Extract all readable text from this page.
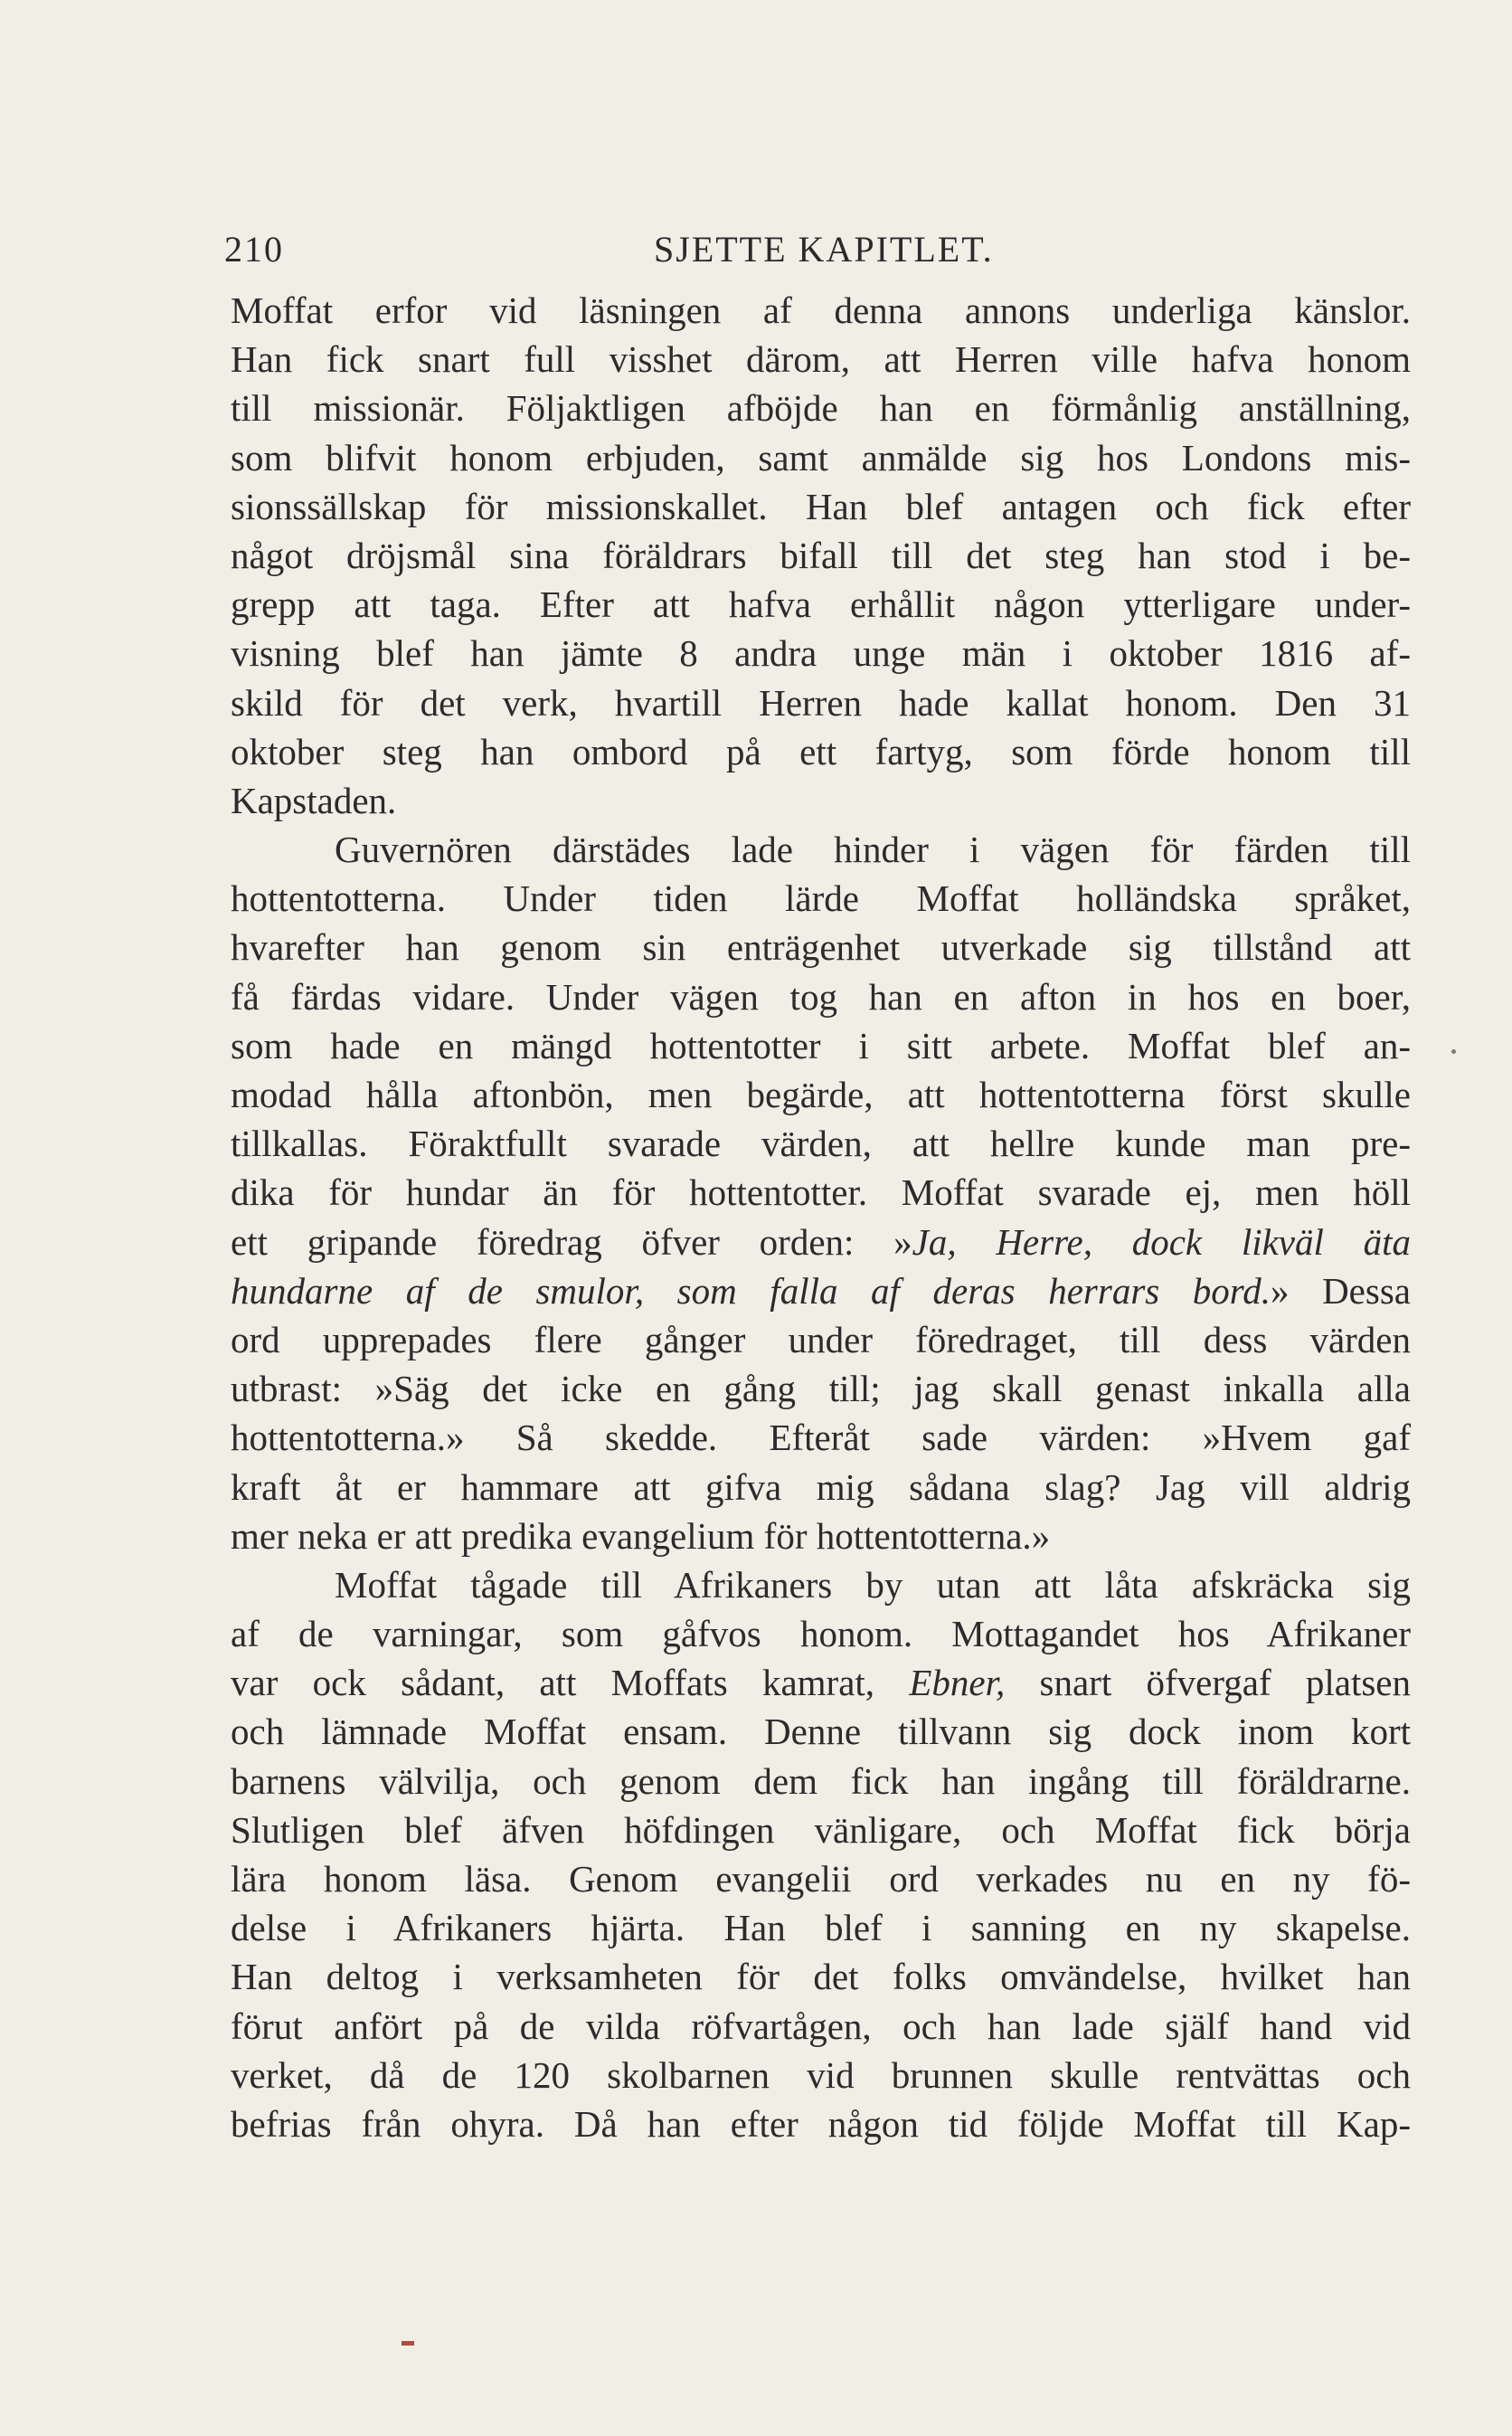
210	SJETTE KAPITLET.
Moffat erfor vid läsningen af denna annons underliga känslor.
Han fick snart full visshet därom, att Herren ville hafva honom
till missionär. Följaktligen afböjde han en förmånlig anställning,
som blifvit honom erbjuden, samt anmälde sig hos Londons mis-
sionssällskap för missionskallet. Han blef antagen och fick efter
något dröjsmål sina föräldrars bifall till det steg han stod i be-
grepp att taga. Efter att hafva erhållit någon ytterligare under-
visning blef han jämte 8 andra unge män i oktober 1816 af-
skild för det verk, hvartill Herren hade kallat honom. Den 31
oktober steg han ombord på ett fartyg, som förde honom till
Kapstaden.
Guvernören därstädes lade hinder i vägen för färden till
hottentotterna. Under tiden lärde Moffat holländska språket,
hvarefter han genom sin enträgenhet utverkade sig tillstånd att
få färdas vidare. Under vägen tog han en afton in hos en boer,
som hade en mängd hottentotter i sitt arbete. Moffat blef an-
modad hålla aftonbön, men begärde, att hottentotterna först skulle
tillkallas. Föraktfullt svarade värden, att hellre kunde man pre-
dika för hundar än för hottentotter. Moffat svarade ej, men höll
ett gripande föredrag öfver orden: »Ja, Herre, dock likväl äta
hundarne af de smulor, som falla af deras herrars bord.» Dessa
ord upprepades flere gånger under föredraget, till dess värden
utbrast: »Säg det icke en gång till; jag skall genast inkalla alla
hottentotterna.» Så skedde. Efteråt sade värden: »Hvem gaf
kraft åt er hammare att gifva mig sådana slag? Jag vill aldrig
mer neka er att predika evangelium för hottentotterna.»
Moffat tågade till Afrikaners by utan att låta afskräcka sig
af de varningar, som gåfvos honom. Mottagandet hos Afrikaner
var ock sådant, att Moffats kamrat, Ebner, snart öfvergaf platsen
och lämnade Moffat ensam. Denne tillvann sig dock inom kort
barnens välvilja, och genom dem fick han ingång till föräldrarne.
Slutligen blef äfven höfdingen vänligare, och Moffat fick börja
lära honom läsa. Genom evangelii ord verkades nu en ny fö-
delse i Afrikaners hjärta. Han blef i sanning en ny skapelse.
Han deltog i verksamheten för det folks omvändelse, hvilket han
förut anfört på de vilda röfvartågen, och han lade själf hand vid
verket, då de 120 skolbarnen vid brunnen skulle rentvättas och
befrias från ohyra. Då han efter någon tid följde Moffat till Kap-
